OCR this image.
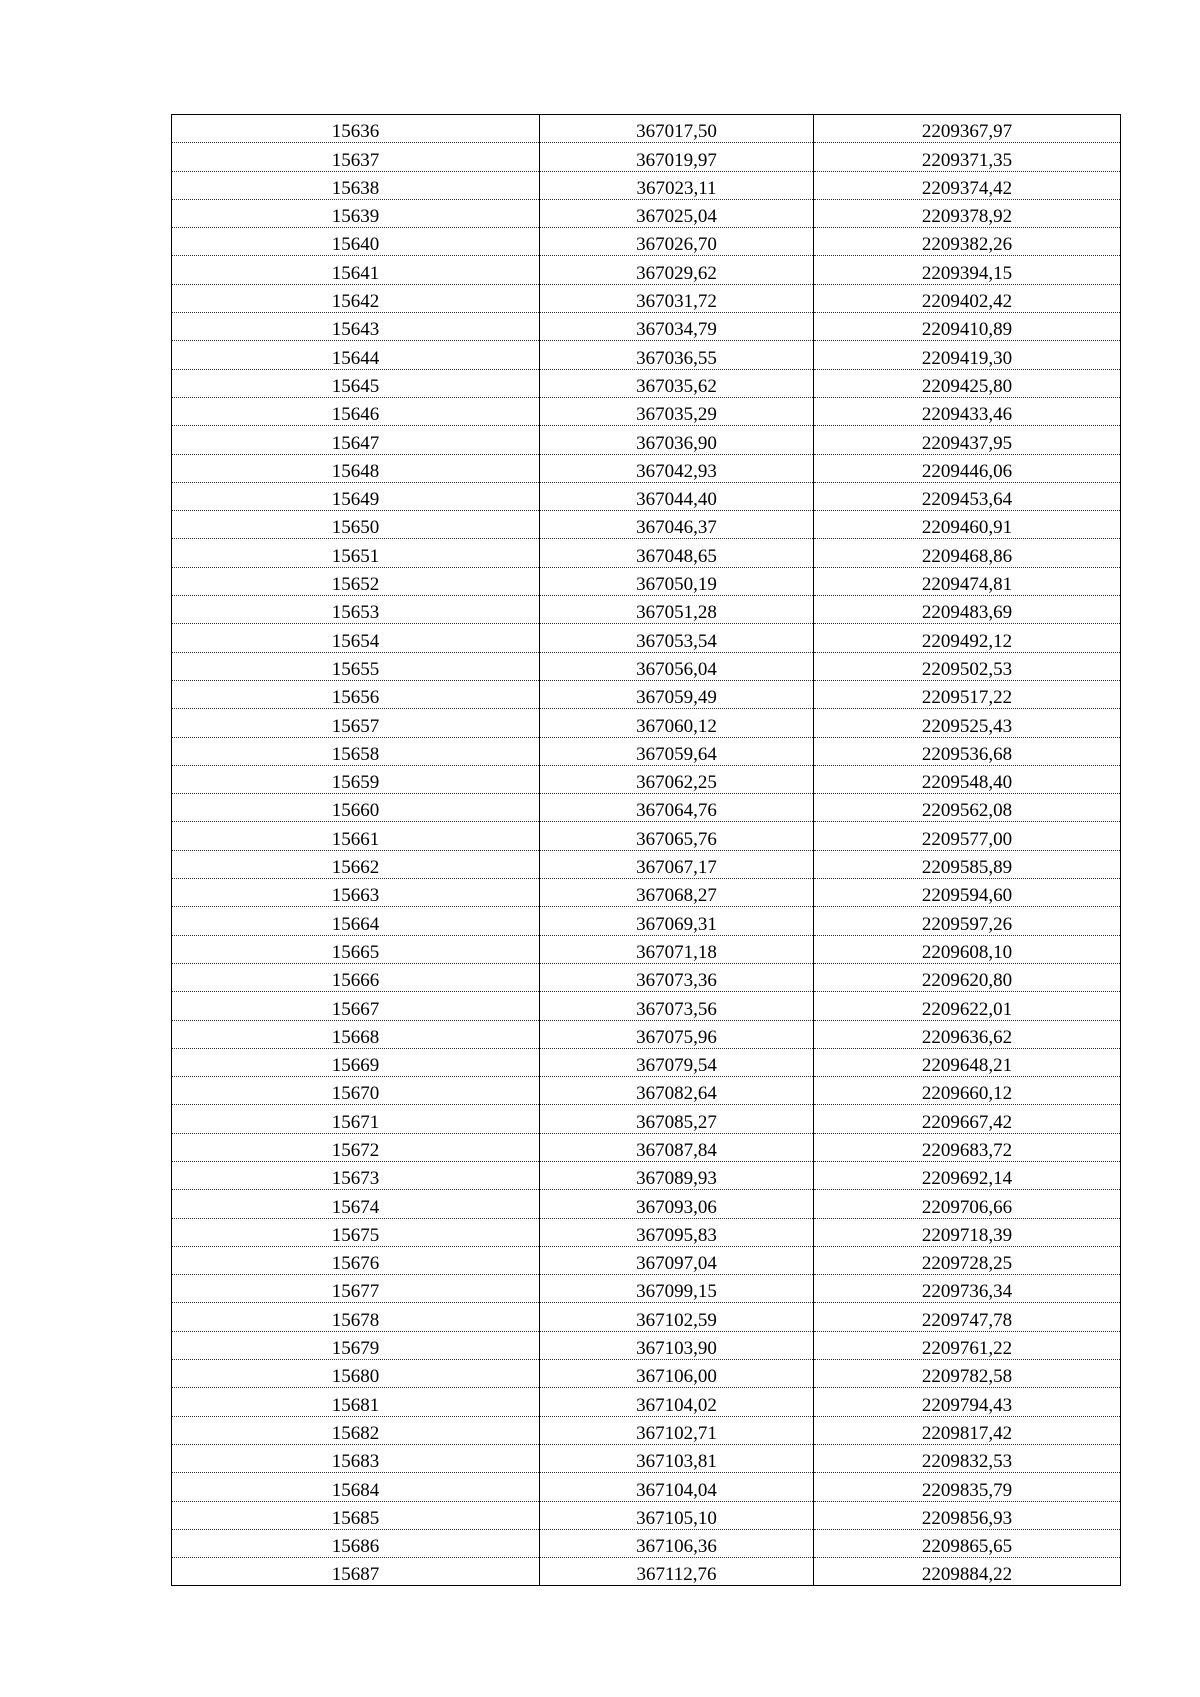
15636	367017,50	2209367,97
15637	367019,97	2209371,35
15638	367023,11	2209374,42
15639	367025,04	2209378,92
15640	367026,70	2209382,26
15641	367029,62	2209394,15
15642	367031,72	2209402,42
15643	367034,79	2209410,89
15644	367036,55	2209419,30
15645	367035,62	2209425,80
15646	367035,29	2209433,46
15647	367036,90	2209437,95
15648	367042,93	2209446,06
15649	367044,40	2209453,64
15650	367046,37	2209460,91
15651	367048,65	2209468,86
15652	367050,19	2209474,81
15653	367051,28	2209483,69
15654	367053,54	2209492,12
15655	367056,04	2209502,53
15656	367059,49	2209517,22
15657	367060,12	2209525,43
15658	367059,64	2209536,68
15659	367062,25	2209548,40
15660	367064,76	2209562,08
15661	367065,76	2209577,00
15662	367067,17	2209585,89
15663	367068,27	2209594,60
15664	367069,31	2209597,26
15665	367071,18	2209608,10
15666	367073,36	2209620,80
15667	367073,56	2209622,01
15668	367075,96	2209636,62
15669	367079,54	2209648,21
15670	367082,64	2209660,12
15671	367085,27	2209667,42
15672	367087,84	2209683,72
15673	367089,93	2209692,14
15674	367093,06	2209706,66
15675	367095,83	2209718,39
15676	367097,04	2209728,25
15677	367099,15	2209736,34
15678	367102,59	2209747,78
15679	367103,90	2209761,22
15680	367106,00	2209782,58
15681	367104,02	2209794,43
15682	367102,71	2209817,42
15683	367103,81	2209832,53
15684	367104,04	2209835,79
15685	367105,10	2209856,93
15686	367106,36	2209865,65
15687	367112,76	2209884,22
